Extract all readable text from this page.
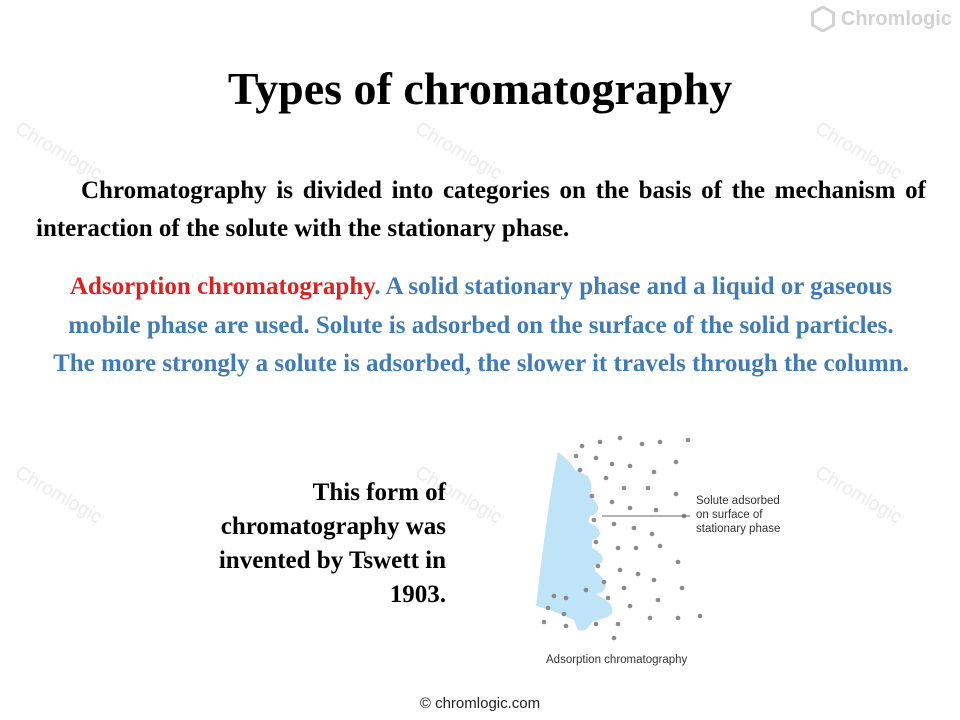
Chromlogic
Chromlogic	Chromlogic	Chromlogic
Chromlogic	Chromlogic	Chromlogic
Types of chromatography

Chromatography is divided into categories on the basis of the mechanism of interaction of the solute with the stationary phase.

Adsorption chromatography. A solid stationary phase and a liquid or gaseous mobile phase are used. Solute is adsorbed on the surface of the solid particles. The more strongly a solute is adsorbed, the slower it travels through the column.

This form of chromatography was invented by Tswett in 1903.

Solute adsorbed
on surface of
stationary phase
Adsorption chromatography
© chromlogic.com
